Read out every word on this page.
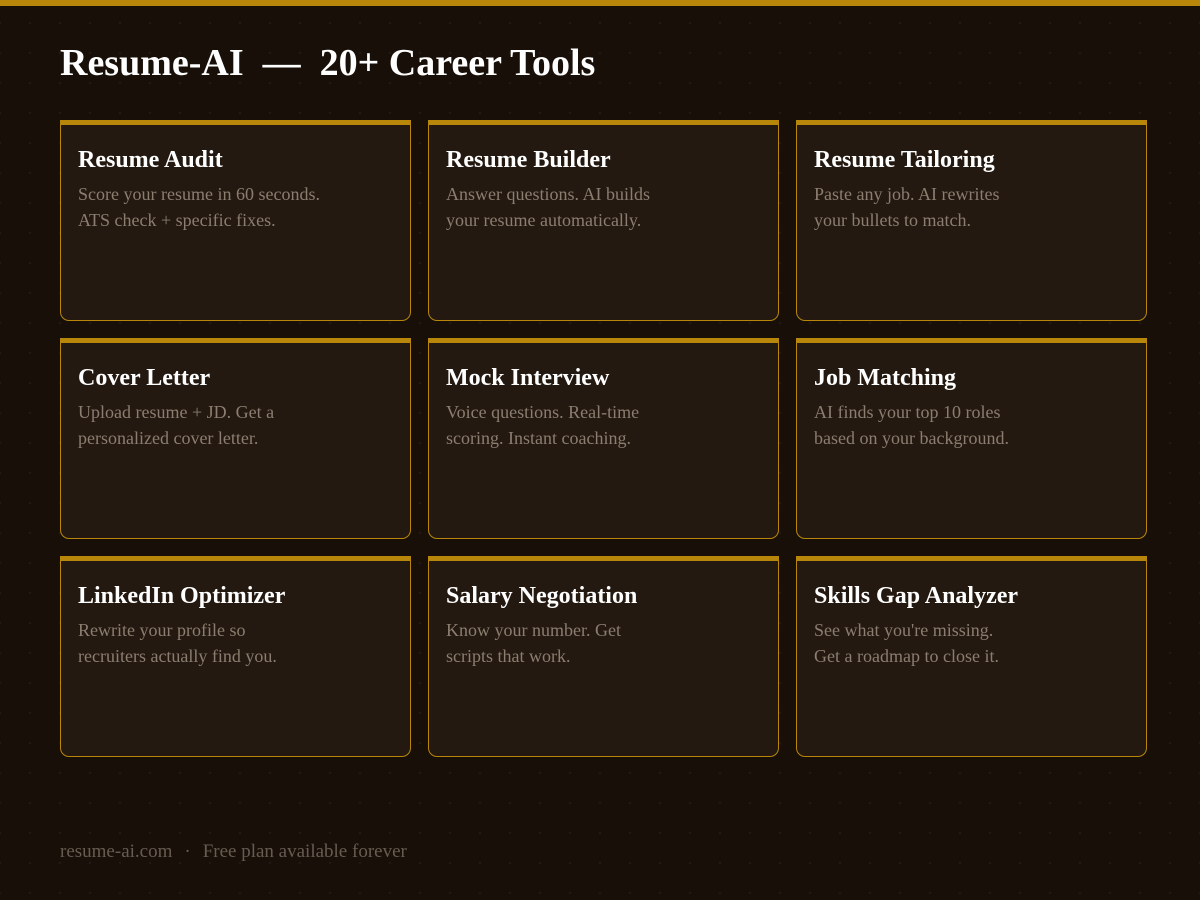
Resume-AI  —  20+ Career Tools
Resume Audit

Score your resume in 60 seconds.
ATS check + specific fixes.

Resume Builder

Answer questions. AI builds
your resume automatically.

Resume Tailoring

Paste any job. AI rewrites
your bullets to match.

Cover Letter

Upload resume + JD. Get a
personalized cover letter.

Mock Interview

Voice questions. Real-time
scoring. Instant coaching.

Job Matching

AI finds your top 10 roles
based on your background.

LinkedIn Optimizer

Rewrite your profile so
recruiters actually find you.

Salary Negotiation

Know your number. Get
scripts that work.

Skills Gap Analyzer

See what you're missing.
Get a roadmap to close it.

resume-ai.com · Free plan available forever
